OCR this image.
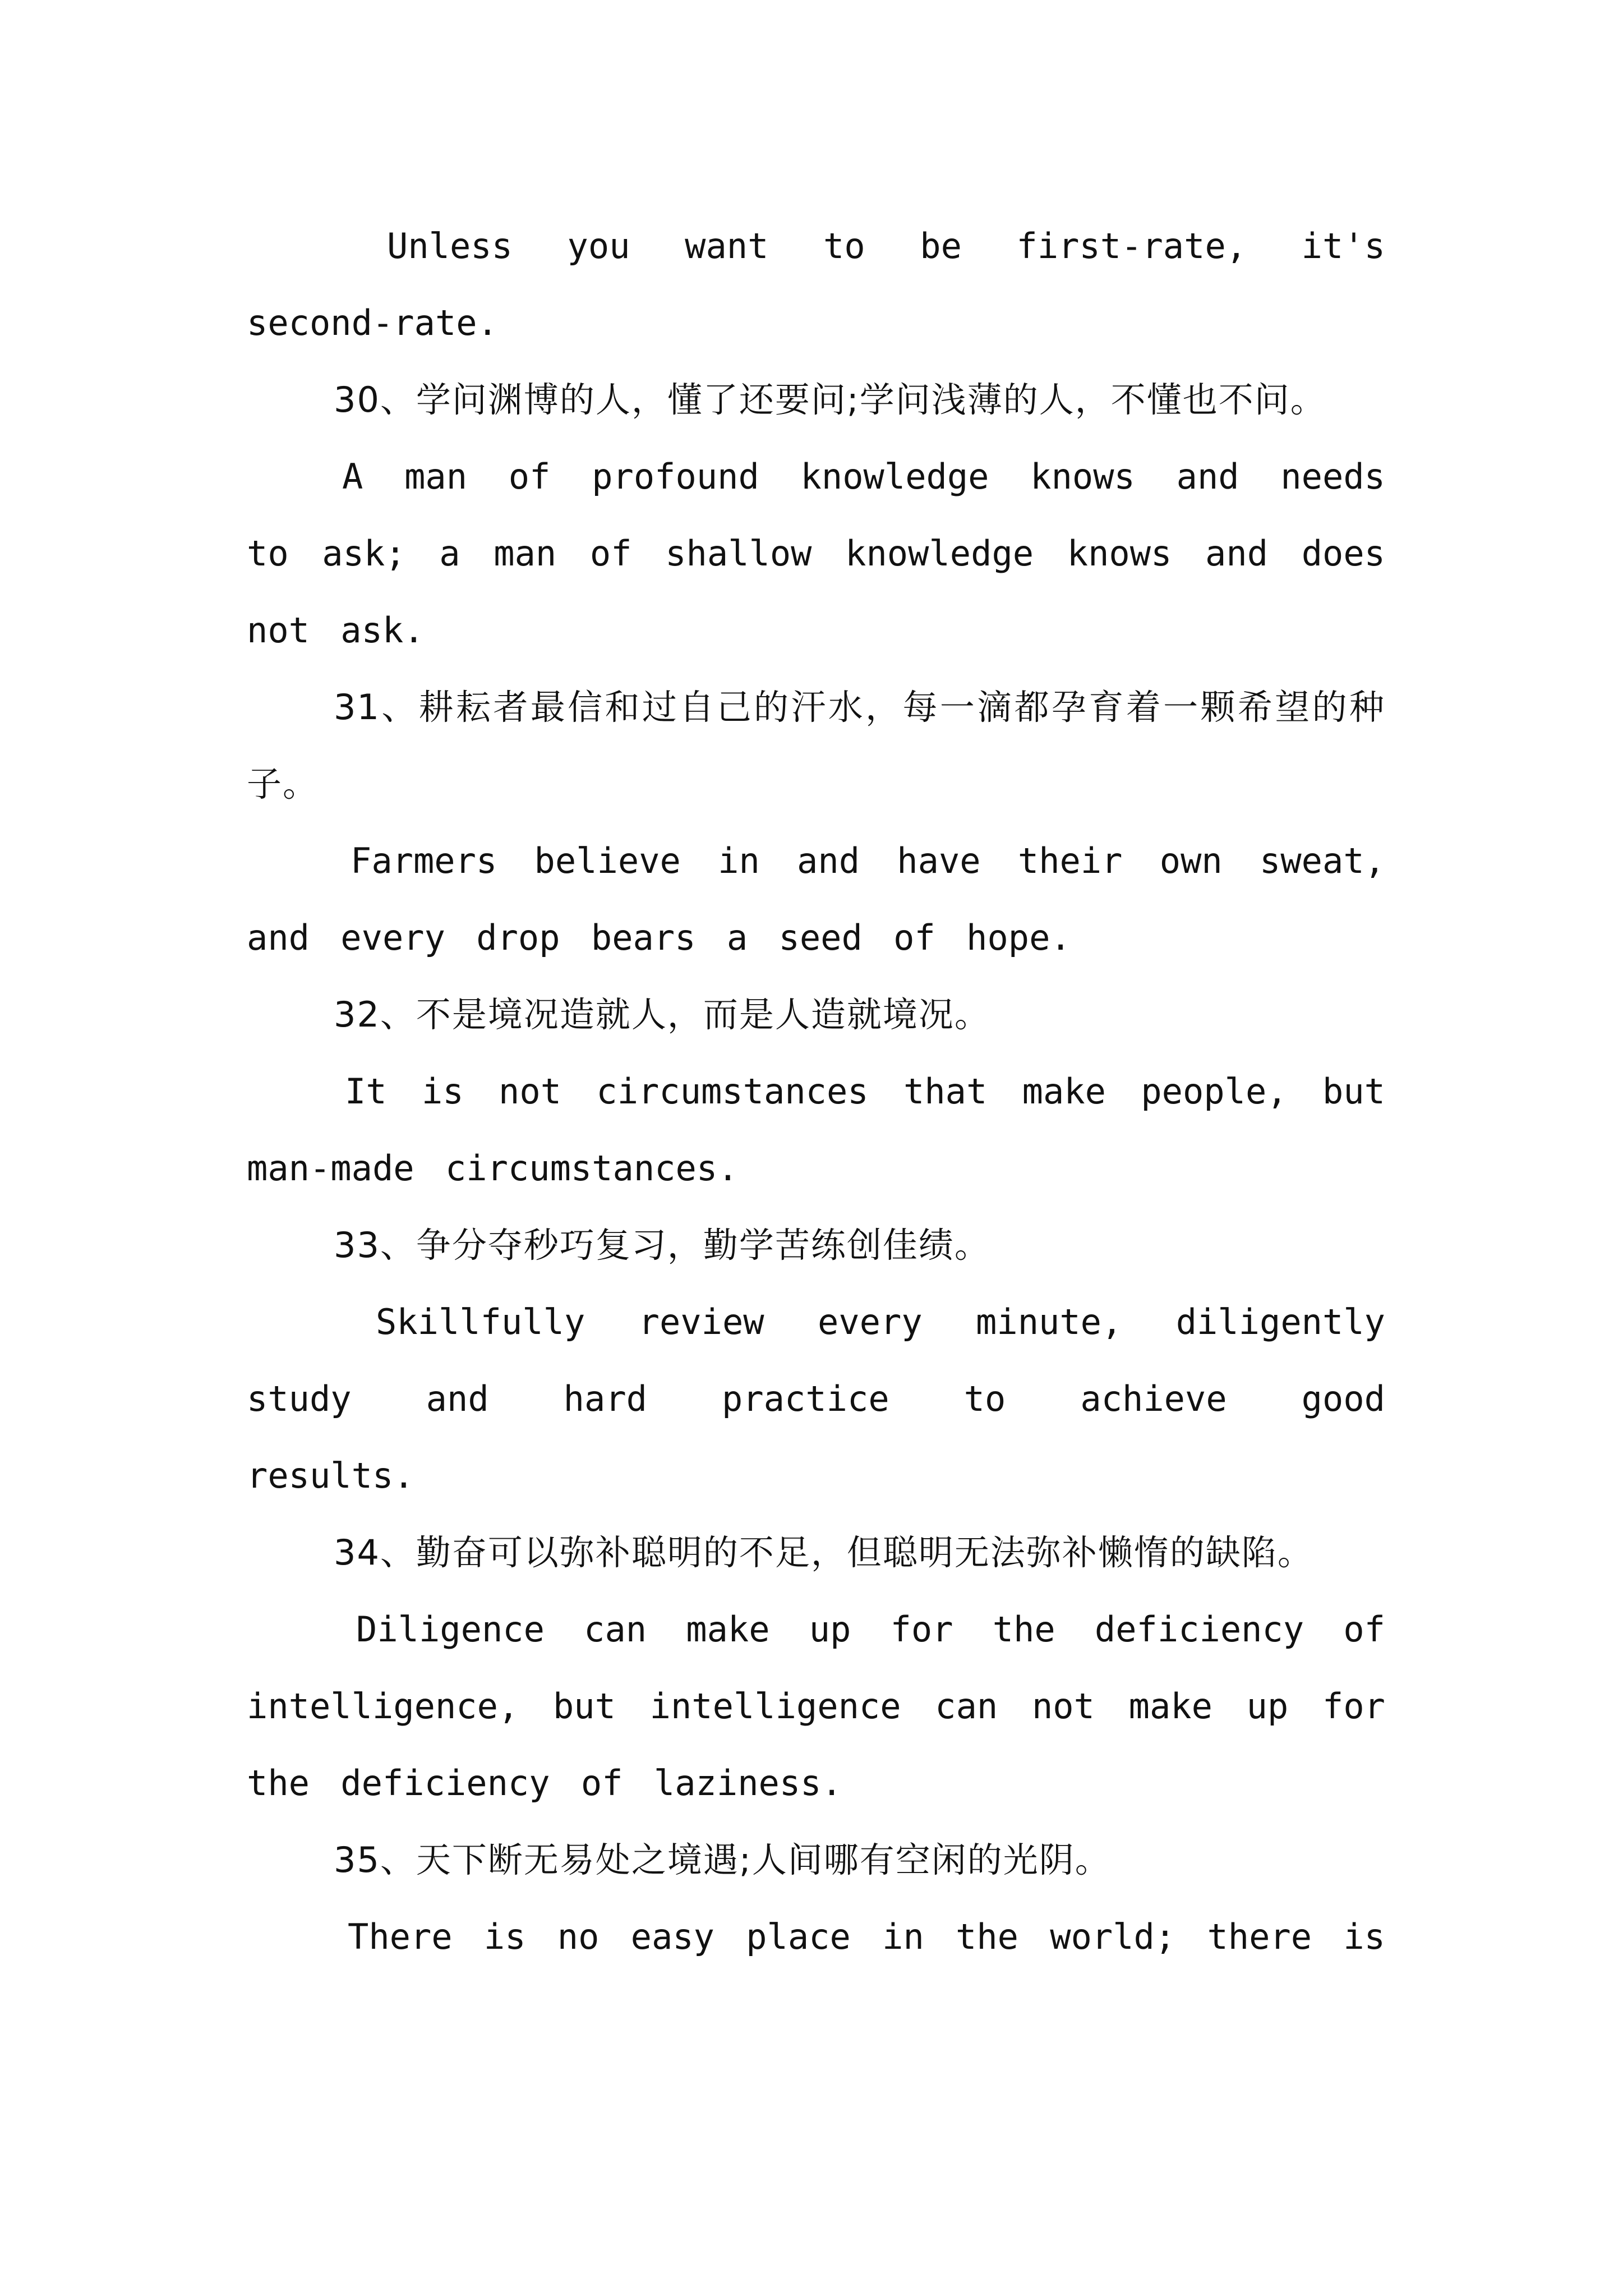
Unless you want to be first-rate, it's second-rate.

30、学问渊博的人，懂了还要问;学问浅薄的人，不懂也不问。

A man of profound knowledge knows and needs to ask; a man of shallow knowledge knows and does not ask.

31、耕耘者最信和过自己的汗水，每一滴都孕育着一颗希望的种子。

Farmers believe in and have their own sweat, and every drop bears a seed of hope.

32、不是境况造就人，而是人造就境况。

It is not circumstances that make people, but man-made circumstances.

33、争分夺秒巧复习，勤学苦练创佳绩。

Skillfully review every minute, diligently study and hard practice to achieve good results.

34、勤奋可以弥补聪明的不足，但聪明无法弥补懒惰的缺陷。

Diligence can make up for the deficiency of intelligence, but intelligence can not make up for the deficiency of laziness.

35、天下断无易处之境遇;人间哪有空闲的光阴。

There is no easy place in the world; there is
